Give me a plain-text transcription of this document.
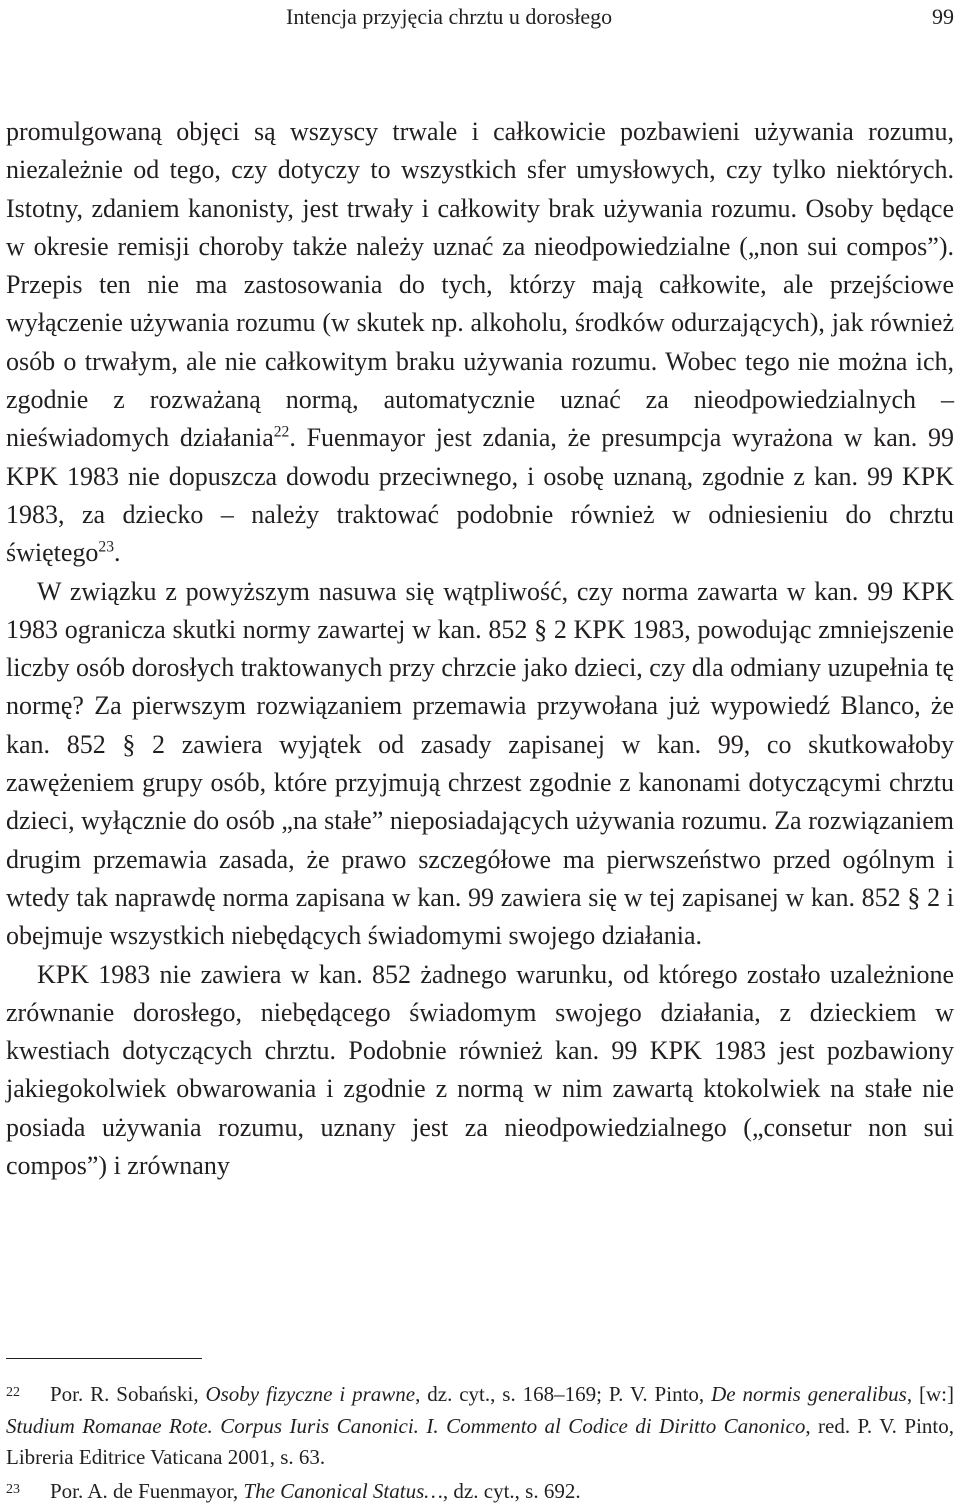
Intencja przyjęcia chrztu u dorosłego	99

promulgowaną objęci są wszyscy trwale i całkowicie pozbawieni używania rozumu, niezależnie od tego, czy dotyczy to wszystkich sfer umysłowych, czy tylko niektórych. Istotny, zdaniem kanonisty, jest trwały i całkowity brak używania rozumu. Osoby będące w okresie remisji choroby także należy uznać za nieodpowiedzialne („non sui compos”). Przepis ten nie ma zastosowania do tych, którzy mają całkowite, ale przejściowe wyłączenie używania rozumu (w skutek np. alkoholu, środków odurzających), jak również osób o trwałym, ale nie całkowitym braku używania rozumu. Wobec tego nie można ich, zgodnie z rozważaną normą, automatycznie uznać za nieodpowiedzialnych – nieświadomych działania$^{22}$. Fuenmayor jest zdania, że presumpcja wyrażona w kan. 99 KPK 1983 nie dopuszcza dowodu przeciwnego, i osobę uznaną, zgodnie z kan. 99 KPK 1983, za dziecko – należy traktować podobnie również w odniesieniu do chrztu świętego$^{23}$.

W związku z powyższym nasuwa się wątpliwość, czy norma zawarta w kan. 99 KPK 1983 ogranicza skutki normy zawartej w kan. 852 § 2 KPK 1983, powodując zmniejszenie liczby osób dorosłych traktowanych przy chrzcie jako dzieci, czy dla odmiany uzupełnia tę normę? Za pierwszym rozwiązaniem przemawia przywołana już wypowiedź Blanco, że kan. 852 § 2 zawiera wyjątek od zasady zapisanej w kan. 99, co skutkowałoby zawężeniem grupy osób, które przyjmują chrzest zgodnie z kanonami dotyczącymi chrztu dzieci, wyłącznie do osób „na stałe” nieposiadających używania rozumu. Za rozwiązaniem drugim przemawia zasada, że prawo szczegółowe ma pierwszeństwo przed ogólnym i wtedy tak naprawdę norma zapisana w kan. 99 zawiera się w tej zapisanej w kan. 852 § 2 i obejmuje wszystkich niebędących świadomymi swojego działania.

KPK 1983 nie zawiera w kan. 852 żadnego warunku, od którego zostało uzależnione zrównanie dorosłego, niebędącego świadomym swojego działania, z dzieckiem w kwestiach dotyczących chrztu. Podobnie również kan. 99 KPK 1983 jest pozbawiony jakiegokolwiek obwarowania i zgodnie z normą w nim zawartą ktokolwiek na stałe nie posiada używania rozumu, uznany jest za nieodpowiedzialnego („consetur non sui compos”) i zrównany

22 Por. R. Sobański, Osoby fizyczne i prawne, dz. cyt., s. 168–169; P. V. Pinto, De normis generalibus, [w:] Studium Romanae Rote. Corpus Iuris Canonici. I. Commento al Codice di Diritto Canonico, red. P. V. Pinto, Libreria Editrice Vaticana 2001, s. 63.

23 Por. A. de Fuenmayor, The Canonical Status…, dz. cyt., s. 692.
